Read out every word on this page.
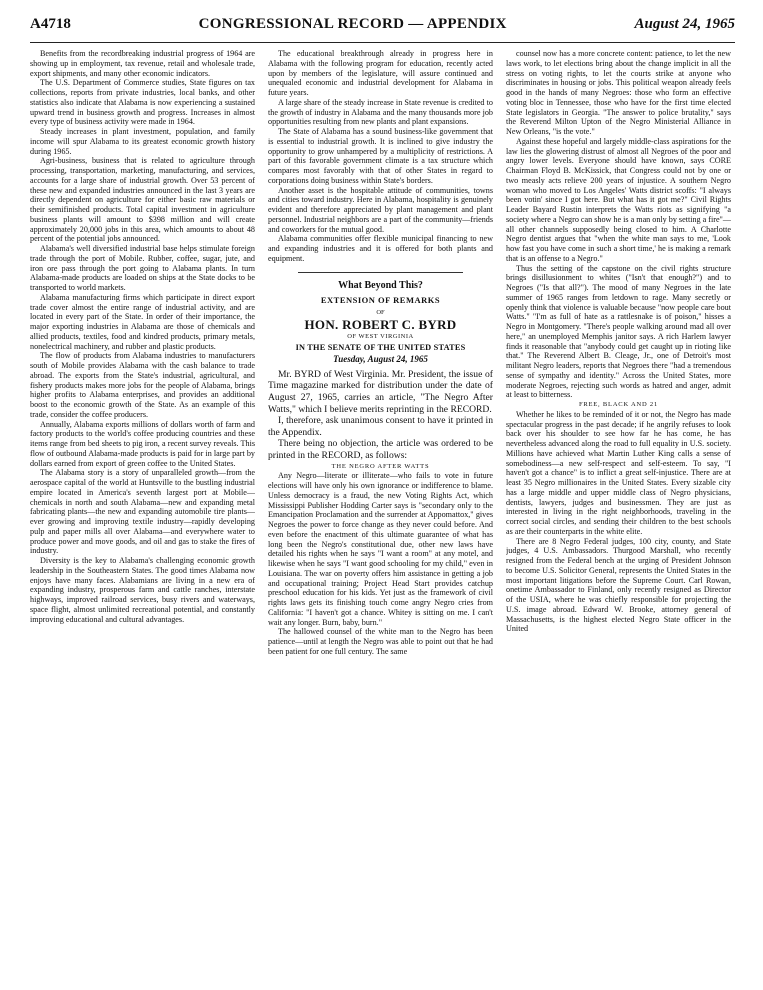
A4718	CONGRESSIONAL RECORD — APPENDIX	August 24, 1965

Benefits from the recordbreaking industrial progress of 1964 are showing up in employment, tax revenue, retail and wholesale trade, export shipments, and many other economic indicators.

The U.S. Department of Commerce studies, State figures on tax collections, reports from private industries, local banks, and other statistics also indicate that Alabama is now experiencing a sustained upward trend in business growth and progress. Increases in almost every type of business activity were made in 1964.

Steady increases in plant investment, population, and family income will spur Alabama to its greatest economic growth history during 1965.

Agri-business, business that is related to agriculture through processing, transportation, marketing, manufacturing, and services, accounts for a large share of industrial growth. Over 53 percent of these new and expanded industries announced in the last 3 years are directly dependent on agriculture for either basic raw materials or their semifinished products. Total capital investment in agriculture business plants will amount to $398 million and will create approximately 20,000 jobs in this area, which amounts to about 48 percent of the potential jobs announced.

Alabama's well diversified industrial base helps stimulate foreign trade through the port of Mobile. Rubber, coffee, sugar, jute, and iron ore pass through the port going to Alabama plants. In turn Alabama-made products are loaded on ships at the State docks to be transported to world markets.

Alabama manufacturing firms which participate in direct export trade cover almost the entire range of industrial activity, and are located in every part of the State. In order of their importance, the major exporting industries in Alabama are those of chemicals and allied products, textiles, food and kindred products, primary metals, nonelectrical machinery, and rubber and plastic products.

The flow of products from Alabama industries to manufacturers south of Mobile provides Alabama with the cash balance to trade abroad. The exports from the State's industrial, agricultural, and fishery products makes more jobs for the people of Alabama, brings higher profits to Alabama enterprises, and provides an additional boost to the economic growth of the State. As an example of this trade, consider the coffee producers.

Annually, Alabama exports millions of dollars worth of farm and factory products to the world's coffee producing countries and these items range from bed sheets to pig iron, a recent survey reveals. This flow of outbound Alabama-made products is paid for in large part by dollars earned from export of green coffee to the United States.

The Alabama story is a story of unparalleled growth—from the aerospace capital of the world at Huntsville to the bustling industrial empire located in America's seventh largest port at Mobile—chemicals in north and south Alabama—new and expanding metal fabricating plants—the new and expanding automobile tire plants—ever growing and improving textile industry—rapidly developing pulp and paper mills all over Alabama—and everywhere water to produce power and move goods, and oil and gas to stake the fires of industry.

Diversity is the key to Alabama's challenging economic growth leadership in the Southeastern States. The good times Alabama now enjoys have many faces. Alabamians are living in a new era of expanding industry, prosperous farm and cattle ranches, interstate highways, improved railroad services, busy rivers and waterways, space flight, almost unlimited recreational potential, and constantly improving educational and cultural advantages.

The educational breakthrough already in progress here in Alabama with the following program for education, recently acted upon by members of the legislature, will assure continued and unequaled economic and industrial development for Alabama in future years.

A large share of the steady increase in State revenue is credited to the growth of industry in Alabama and the many thousands more job opportunities resulting from new plants and plant expansions.

The State of Alabama has a sound business-like government that is essential to industrial growth. It is inclined to give industry the opportunity to grow unhampered by a multiplicity of restrictions. A part of this favorable government climate is a tax structure which compares most favorably with that of other States in regard to corporations doing business within State's borders.

Another asset is the hospitable attitude of communities, towns and cities toward industry. Here in Alabama, hospitality is genuinely evident and therefore appreciated by plant management and plant personnel. Industrial neighbors are a part of the community—friends and coworkers for the mutual good.

Alabama communities offer flexible municipal financing to new and expanding industries and it is offered for both plants and equipment.

What Beyond This?
EXTENSION OF REMARKS
OF
HON. ROBERT C. BYRD
OF WEST VIRGINIA
IN THE SENATE OF THE UNITED STATES
Tuesday, August 24, 1965

Mr. BYRD of West Virginia. Mr. President, the issue of Time magazine marked for distribution under the date of August 27, 1965, carries an article, "The Negro After Watts," which I believe merits reprinting in the RECORD.

I, therefore, ask unanimous consent to have it printed in the Appendix.

There being no objection, the article was ordered to be printed in the RECORD, as follows:

THE NEGRO AFTER WATTS

Any Negro—literate or illiterate—who fails to vote in future elections will have only his own ignorance or indifference to blame. Unless democracy is a fraud, the new Voting Rights Act, which Mississippi Publisher Hodding Carter says is "secondary only to the Emancipation Proclamation and the surrender at Appomattox," gives Negroes the power to force change as they never could before. And even before the enactment of this ultimate guarantee of what has long been the Negro's constitutional due, other new laws have detailed his rights when he says "I want a room" at any motel, and likewise when he says "I want good schooling for my child," even in Louisiana. The war on poverty offers him assistance in getting a job and occupational training; Project Head Start provides catchup preschool education for his kids. Yet just as the framework of civil rights laws gets its finishing touch come angry Negro cries from California: "I haven't got a chance. Whitey is sitting on me. I can't wait any longer. Burn, baby, burn."

The hallowed counsel of the white man to the Negro has been patience—until at length the Negro was able to point out that he had been patient for one full century. The same

counsel now has a more concrete content: patience, to let the new laws work, to let elections bring about the change implicit in all the stress on voting rights, to let the courts strike at anyone who discriminates in housing or jobs. This political weapon already feels good in the hands of many Negroes: those who form an effective voting bloc in Tennessee, those who have for the first time elected State legislators in Georgia. "The answer to police brutality," says the Reverend Milton Upton of the Negro Ministerial Alliance in New Orleans, "is the vote."

Against these hopeful and largely middle-class aspirations for the law lies the glowering distrust of almost all Negroes of the poor and angry lower levels. Everyone should have known, says CORE Chairman Floyd B. McKissick, that Congress could not by one or two measly acts relieve 200 years of injustice. A southern Negro woman who moved to Los Angeles' Watts district scoffs: "I always been votin' since I got here. But what has it got me?" Civil Rights Leader Bayard Rustin interprets the Watts riots as signifying "a society where a Negro can show he is a man only by setting a fire"—all other channels supposedly being closed to him. A Charlotte Negro dentist argues that "when the white man says to me, 'Look how fast you have come in such a short time,' he is making a remark that is an offense to a Negro."

Thus the setting of the capstone on the civil rights structure brings disillusionment to whites ("Isn't that enough?") and to Negroes ("Is that all?"). The mood of many Negroes in the late summer of 1965 ranges from letdown to rage. Many secretly or openly think that violence is valuable because "now people care bout Watts." "I'm as full of hate as a rattlesnake is of poison," hisses a Negro in Montgomery. "There's people walking around mad all over here," an unemployed Memphis janitor says. A rich Harlem lawyer finds it reasonable that "anybody could get caught up in rioting like that." The Reverend Albert B. Cleage, Jr., one of Detroit's most militant Negro leaders, reports that Negroes there "had a tremendous sense of sympathy and identity." Across the United States, more moderate Negroes, rejecting such words as hatred and anger, admit at least to bitterness.

FREE, BLACK AND 21

Whether he likes to be reminded of it or not, the Negro has made spectacular progress in the past decade; if he angrily refuses to look back over his shoulder to see how far he has come, he has nevertheless advanced along the road to full equality in U.S. society. Millions have achieved what Martin Luther King calls a sense of somebodiness—a new self-respect and self-esteem. To say, "I haven't got a chance" is to inflict a great self-injustice. There are at least 35 Negro millionaires in the United States. Every sizable city has a large middle and upper middle class of Negro physicians, dentists, lawyers, judges and businessmen. They are just as interested in living in the right neighborhoods, traveling in the correct social circles, and sending their children to the best schools as are their counterparts in the white elite.

There are 8 Negro Federal judges, 100 city, county, and State judges, 4 U.S. Ambassadors. Thurgood Marshall, who recently resigned from the Federal bench at the urging of President Johnson to become U.S. Solicitor General, represents the United States in the most important litigations before the Supreme Court. Carl Rowan, onetime Ambassador to Finland, only recently resigned as Director of the USIA, where he was chiefly responsible for projecting the U.S. image abroad. Edward W. Brooke, attorney general of Massachusetts, is the highest elected Negro State officer in the United
